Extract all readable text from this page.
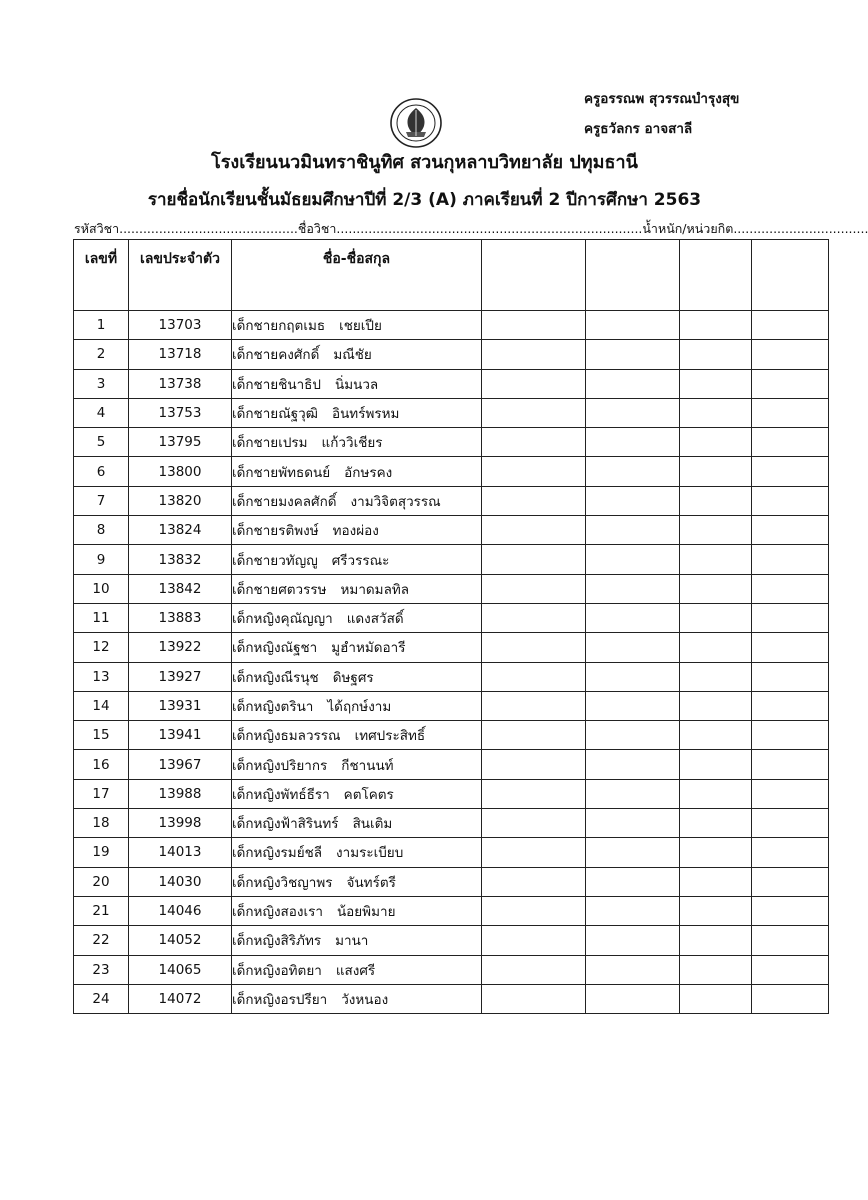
ครูอรรณพ สุวรรณบำรุงสุข
ครูธวัลกร อาจสาลี
โรงเรียนนวมินทราชินูทิศ สวนกุหลาบวิทยาลัย ปทุมธานี
รายชื่อนักเรียนชั้นมัธยมศึกษาปีที่ 2/3 (A) ภาคเรียนที่ 2 ปีการศึกษา 2563
รหัสวิชา.............................................ชื่อวิชา.............................................................................น้ำหนัก/หน่วยกิต..................................
เลขที่	เลขประจำตัว	ชื่อ-ชื่อสกุล				
1	13703	เด็กชายกฤตเมธ เชยเปีย				
2	13718	เด็กชายคงศักดิ์ มณีชัย				
3	13738	เด็กชายชินาธิป นิ่มนวล				
4	13753	เด็กชายณัฐวุฒิ อินทร์พรหม				
5	13795	เด็กชายเปรม แก้ววิเชียร				
6	13800	เด็กชายพัทธดนย์ อักษรคง				
7	13820	เด็กชายมงคลศักดิ์ งามวิจิตสุวรรณ				
8	13824	เด็กชายรติพงษ์ ทองผ่อง				
9	13832	เด็กชายวทัญญู ศรีวรรณะ				
10	13842	เด็กชายศตวรรษ หมาดมลทิล				
11	13883	เด็กหญิงคุณัญญา แดงสวัสดิ์				
12	13922	เด็กหญิงณัฐชา มูฮำหมัดอารี				
13	13927	เด็กหญิงณีรนุช ดิษฐศร				
14	13931	เด็กหญิงตรินา ได้ฤกษ์งาม				
15	13941	เด็กหญิงธมลวรรณ เทศประสิทธิ์				
16	13967	เด็กหญิงปริยากร กีชานนท์				
17	13988	เด็กหญิงพัทธ์ธีรา คตโคตร				
18	13998	เด็กหญิงฟ้าสิรินทร์ สินเติม				
19	14013	เด็กหญิงรมย์ชลี งามระเบียบ				
20	14030	เด็กหญิงวิชญาพร จันทร์ตรี				
21	14046	เด็กหญิงสองเรา น้อยพิมาย				
22	14052	เด็กหญิงสิริภัทร มานา				
23	14065	เด็กหญิงอทิตยา แสงศรี				
24	14072	เด็กหญิงอรปรียา วังหนอง				
